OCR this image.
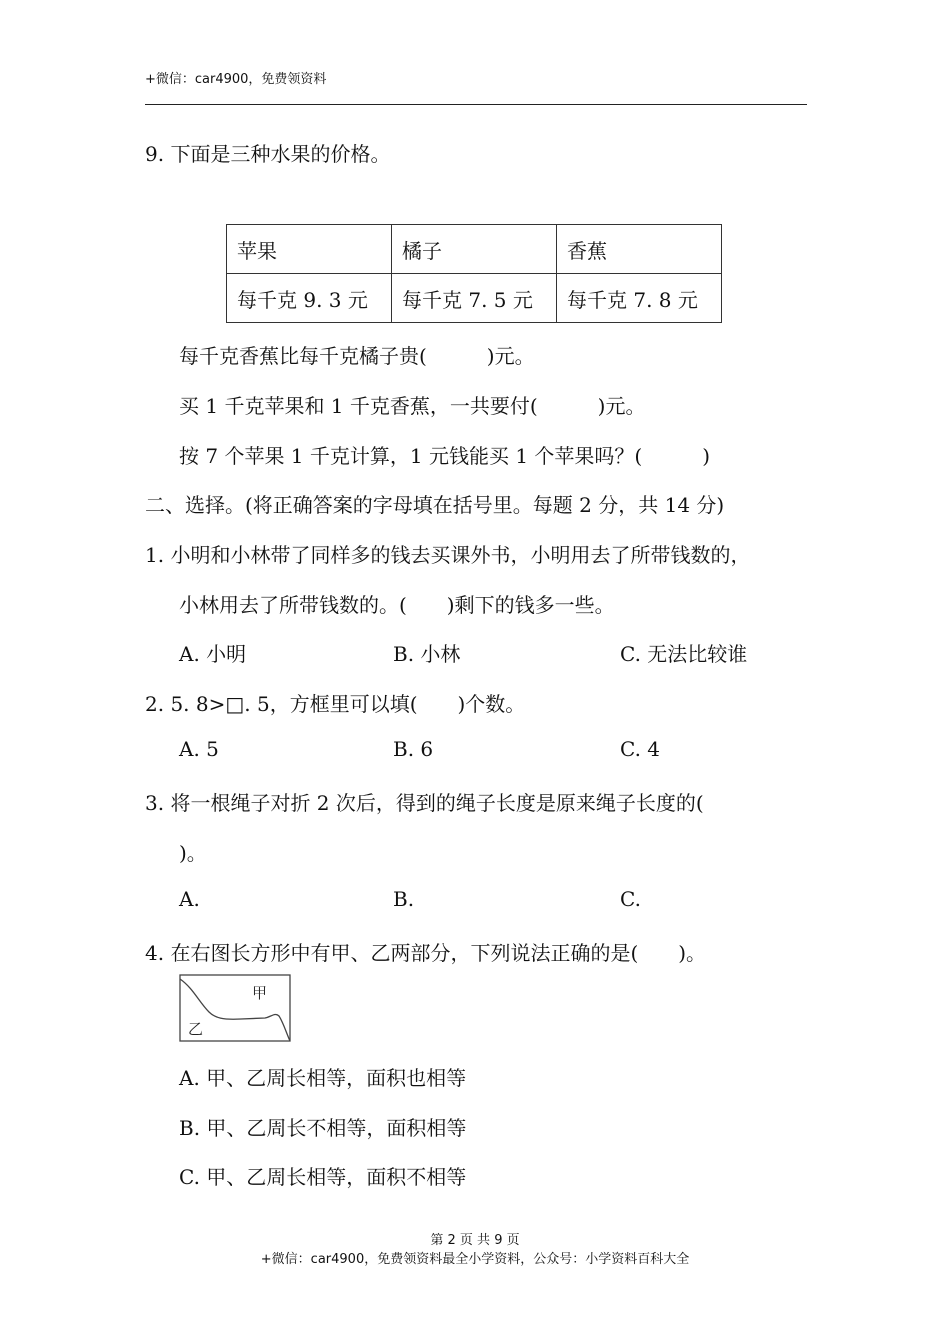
+微信：car4900，免费领资料
9. 下面是三种水果的价格。
苹果	橘子	香蕉
每千克 9. 3 元	每千克 7. 5 元	每千克 7. 8 元
每千克香蕉比每千克橘子贵(　　　)元。
买 1 千克苹果和 1 千克香蕉，一共要付(　　　)元。
按 7 个苹果 1 千克计算，1 元钱能买 1 个苹果吗？(　　　)
二、选择。(将正确答案的字母填在括号里。每题 2 分，共 14 分)
1. 小明和小林带了同样多的钱去买课外书，小明用去了所带钱数的，
小林用去了所带钱数的。(　　)剩下的钱多一些。
A. 小明	B. 小林	C. 无法比较谁
2. 5. 8>□. 5，方框里可以填(　　)个数。
A. 5	B. 6	C. 4
3. 将一根绳子对折 2 次后，得到的绳子长度是原来绳子长度的(
)。
A.	B.	C.
4. 在右图长方形中有甲、乙两部分，下列说法正确的是(　　)。
甲
乙
A. 甲、乙周长相等，面积也相等
B. 甲、乙周长不相等，面积相等
C. 甲、乙周长相等，面积不相等
第 2 页 共 9 页
+微信：car4900，免费领资料最全小学资料，公众号：小学资料百科大全
